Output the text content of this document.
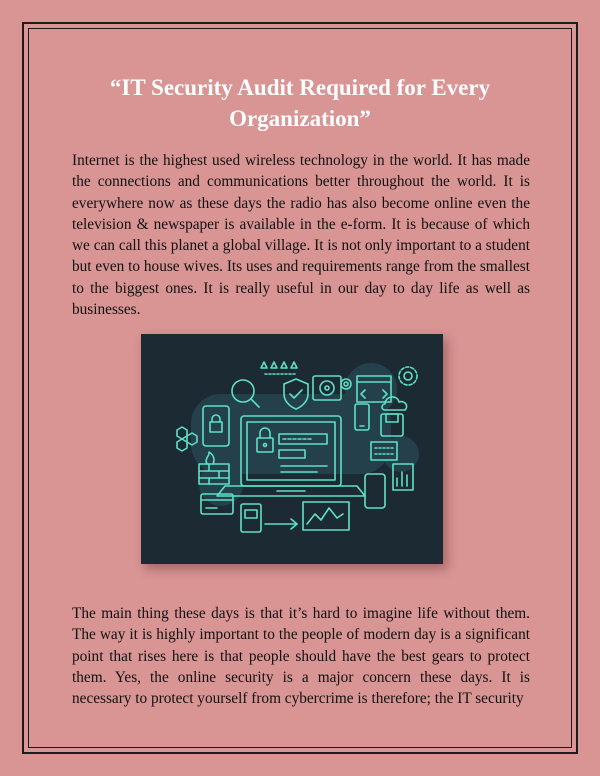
“IT Security Audit Required for Every Organization”

Internet is the highest used wireless technology in the world. It has made the connections and communications better throughout the world. It is everywhere now as these days the radio has also become online even the television & newspaper is available in the e-form. It is because of which we can call this planet a global village. It is not only important to a student but even to house wives. Its uses and requirements range from the smallest to the biggest ones. It is really useful in our day to day life as well as businesses.

The main thing these days is that it’s hard to imagine life without them. The way it is highly important to the people of modern day is a significant point that rises here is that people should have the best gears to protect them. Yes, the online security is a major concern these days. It is necessary to protect yourself from cybercrime is therefore; the IT security
